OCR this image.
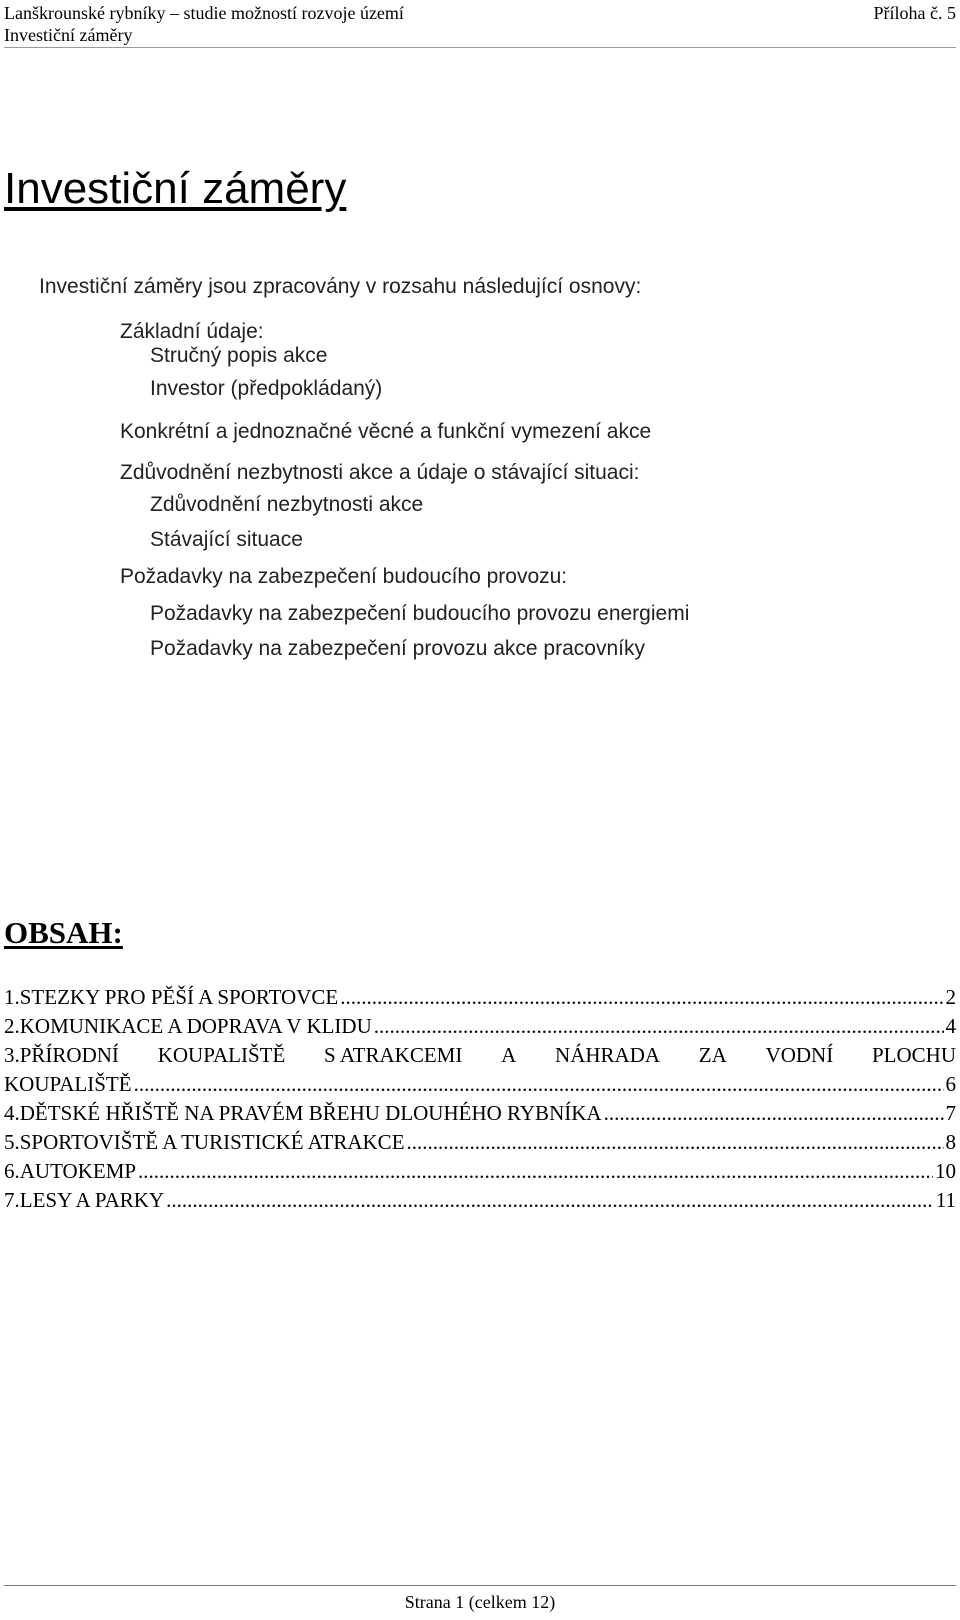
Lanškrounské rybníky – studie možností rozvoje území	Příloha č. 5
Investiční záměry
Investiční záměry
Investiční záměry jsou zpracovány v rozsahu následující osnovy:
Základní údaje:
Stručný popis akce
Investor (předpokládaný)
Konkrétní a jednoznačné věcné a funkční vymezení akce
Zdůvodnění nezbytnosti akce a údaje o stávající situaci:
Zdůvodnění nezbytnosti akce
Stávající situace
Požadavky na zabezpečení budoucího provozu:
Požadavky na zabezpečení budoucího provozu energiemi
Požadavky na zabezpečení provozu akce pracovníky
OBSAH:
1.STEZKY PRO PĚŠÍ A SPORTOVCE .....	2
2.KOMUNIKACE A DOPRAVA V KLIDU .....	4
3.PŘÍRODNÍ KOUPALIŠTĚ S ATRAKCEMI A NÁHRADA ZA VODNÍ PLOCHU
KOUPALIŠTĚ .....	6
4.DĚTSKÉ HŘIŠTĚ NA PRAVÉM BŘEHU DLOUHÉHO RYBNÍKA .....	7
5.SPORTOVIŠTĚ A TURISTICKÉ ATRAKCE .....	8
6.AUTOKEMP .....	10
7.LESY A PARKY .....	11
Strana 1 (celkem 12)
